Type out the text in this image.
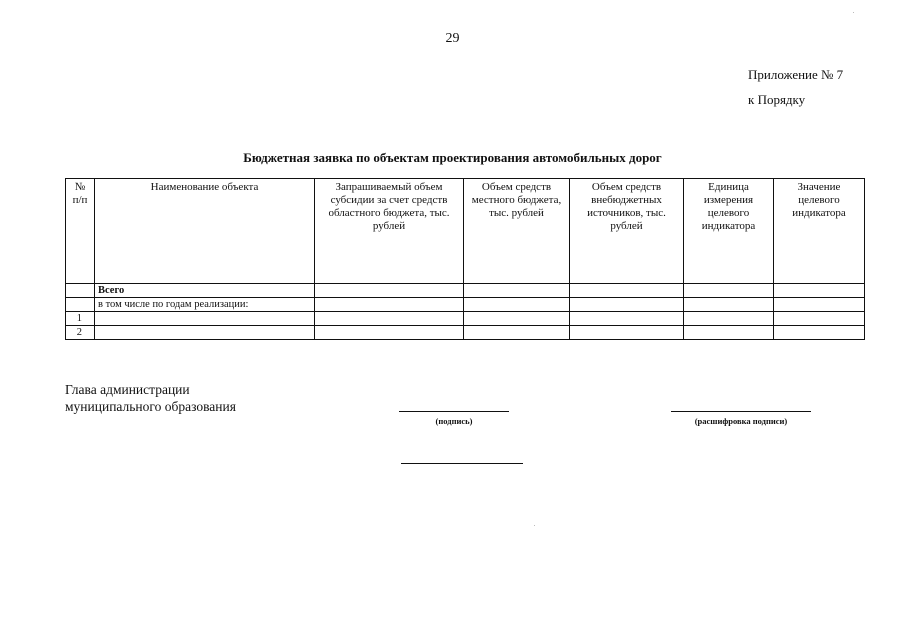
29
Приложение № 7
к Порядку
Бюджетная заявка по объектам проектирования автомобильных дорог
№ п/п	Наименование объекта	Запрашиваемый объем субсидии за счет средств областного бюджета, тыс. рублей	Объем средств местного бюджета, тыс. рублей	Объем средств внебюджетных источников, тыс. рублей	Единица измерения целевого индикатора	Значение целевого индикатора
	Всего					
	в том числе по годам реализации:					
1						
2						
Глава администрации
муниципального образования
(подпись)	(расшифровка подписи)
